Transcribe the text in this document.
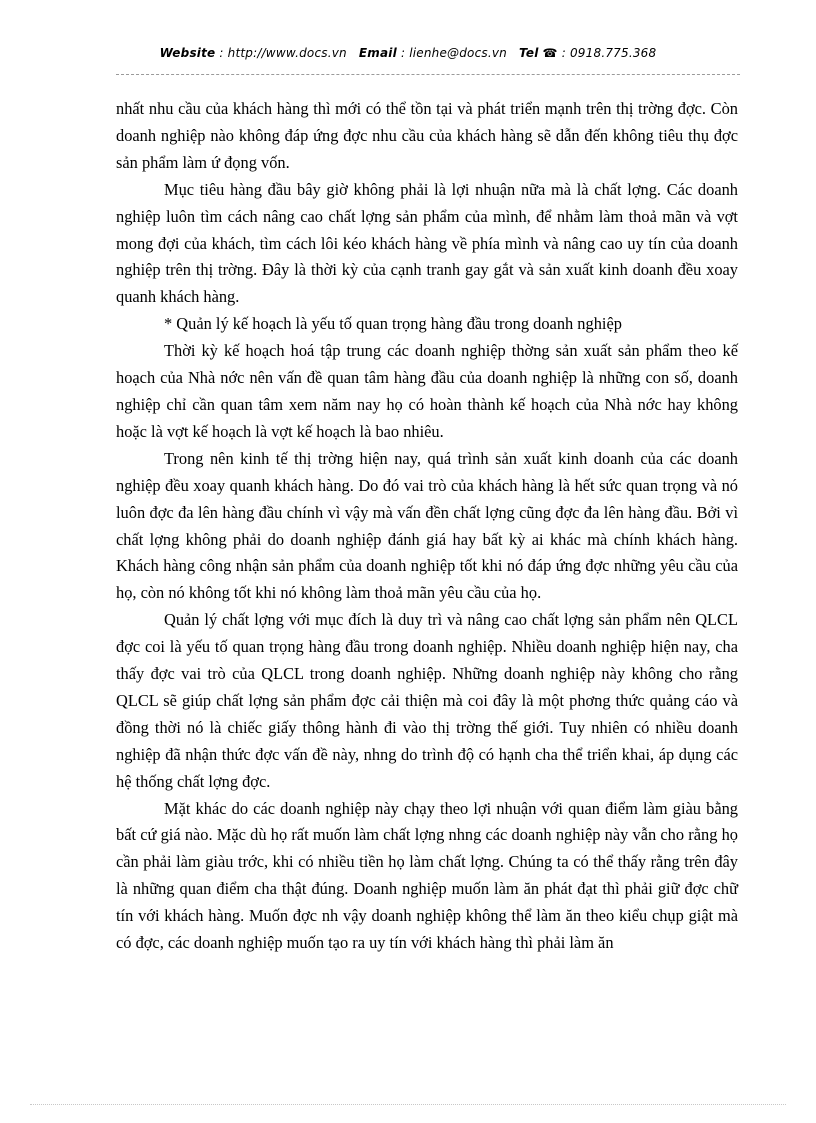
Website : http://www.docs.vn Email : lienhe@docs.vn Tel ☎ : 0918.775.368

nhất nhu cầu của khách hàng thì mới có thể tồn tại và phát triển mạnh trên thị trờng đợc. Còn doanh nghiệp nào không đáp ứng đợc nhu cầu của khách hàng sẽ dẫn đến không tiêu thụ đợc sản phẩm làm ứ đọng vốn.

Mục tiêu hàng đầu bây giờ không phải là lợi nhuận nữa mà là chất lợng. Các doanh nghiệp luôn tìm cách nâng cao chất lợng sản phẩm của mình, để nhằm làm thoả mãn và vợt mong đợi của khách, tìm cách lôi kéo khách hàng về phía mình và nâng cao uy tín của doanh nghiệp trên thị trờng. Đây là thời kỳ của cạnh tranh gay gắt và sản xuất kinh doanh đều xoay quanh khách hàng.

* Quản lý kế hoạch là yếu tố quan trọng hàng đầu trong doanh nghiệp

Thời kỳ kế hoạch hoá tập trung các doanh nghiệp thờng sản xuất sản phẩm theo kế hoạch của Nhà nớc nên vấn đề quan tâm hàng đầu của doanh nghiệp là những con số, doanh nghiệp chỉ cần quan tâm xem năm nay họ có hoàn thành kế hoạch của Nhà nớc hay không hoặc là vợt kế hoạch là vợt kế hoạch là bao nhiêu.

Trong nên kinh tế thị trờng hiện nay, quá trình sản xuất kinh doanh của các doanh nghiệp đều xoay quanh khách hàng. Do đó vai trò của khách hàng là hết sức quan trọng và nó luôn đợc đa lên hàng đầu chính vì vậy mà vấn đền chất lợng cũng đợc đa lên hàng đầu. Bởi vì chất lợng không phải do doanh nghiệp đánh giá hay bất kỳ ai khác mà chính khách hàng. Khách hàng công nhận sản phẩm của doanh nghiệp tốt khi nó đáp ứng đợc những yêu cầu của họ, còn nó không tốt khi nó không làm thoả mãn yêu cầu của họ.

Quản lý chất lợng với mục đích là duy trì và nâng cao chất lợng sản phẩm nên QLCL đợc coi là yếu tố quan trọng hàng đầu trong doanh nghiệp. Nhiều doanh nghiệp hiện nay, cha thấy đợc vai trò của QLCL trong doanh nghiệp. Những doanh nghiệp này không cho rằng QLCL sẽ giúp chất lợng sản phẩm đợc cải thiện mà coi đây là một phơng thức quảng cáo và đồng thời nó là chiếc giấy thông hành đi vào thị trờng thế giới. Tuy nhiên có nhiều doanh nghiệp đã nhận thức đợc vấn đề này, nhng do trình độ có hạnh cha thể triển khai, áp dụng các hệ thống chất lợng đợc.

Mặt khác do các doanh nghiệp này chạy theo lợi nhuận với quan điểm làm giàu bằng bất cứ giá nào. Mặc dù họ rất muốn làm chất lợng nhng các doanh nghiệp này vẫn cho rằng họ cần phải làm giàu trớc, khi có nhiều tiền họ làm chất lợng. Chúng ta có thể thấy rằng trên đây là những quan điểm cha thật đúng. Doanh nghiệp muốn làm ăn phát đạt thì phải giữ đợc chữ tín với khách hàng. Muốn đợc nh vậy doanh nghiệp không thể làm ăn theo kiểu chụp giật mà có đợc, các doanh nghiệp muốn tạo ra uy tín với khách hàng thì phải làm ăn
